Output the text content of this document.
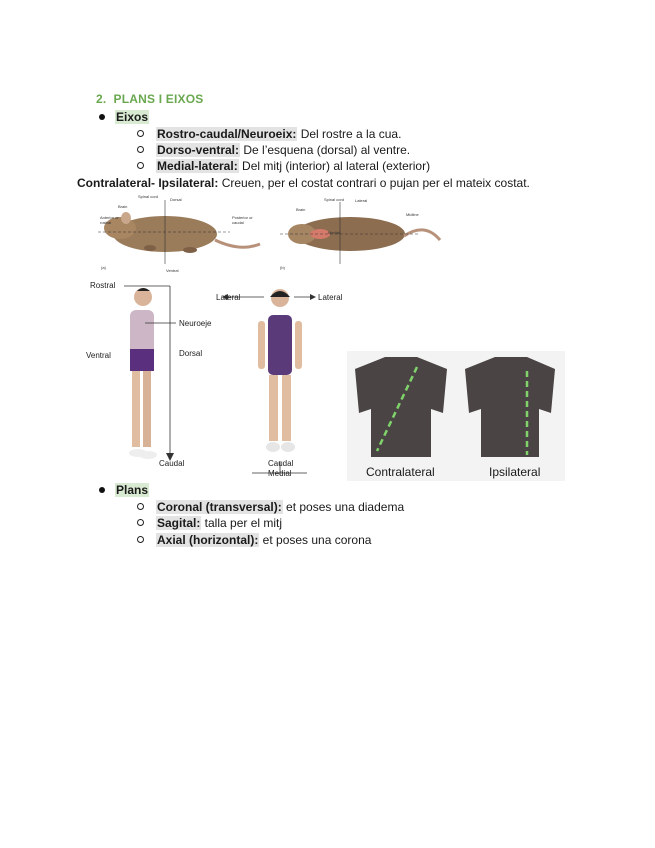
2. PLANS I EIXOS
Eixos
Rostro-caudal/Neuroeix: Del rostre a la cua.
Dorso-ventral: De l’esquena (dorsal) al ventre.
Medial-lateral: Del mitj (interior) al lateral (exterior)
Contralateral- Ipsilateral: Creuen, per el costat contrari o pujan per el mateix costat.
Spinal cord
Dorsal
Brain
Anterior or rostral
Posterior or caudal
Ventral
(a)
Spinal cord	Lateral
Brain
Midline
Medial
(b)
Rostral
Neuroeje
Ventral	Dorsal
Caudal
Lateral	Lateral
Caudal
Medial	Contralateral	Ipsilateral
Plans
Coronal (transversal): et poses una diadema
Sagital: talla per el mitj
Axial (horizontal): et poses una corona
